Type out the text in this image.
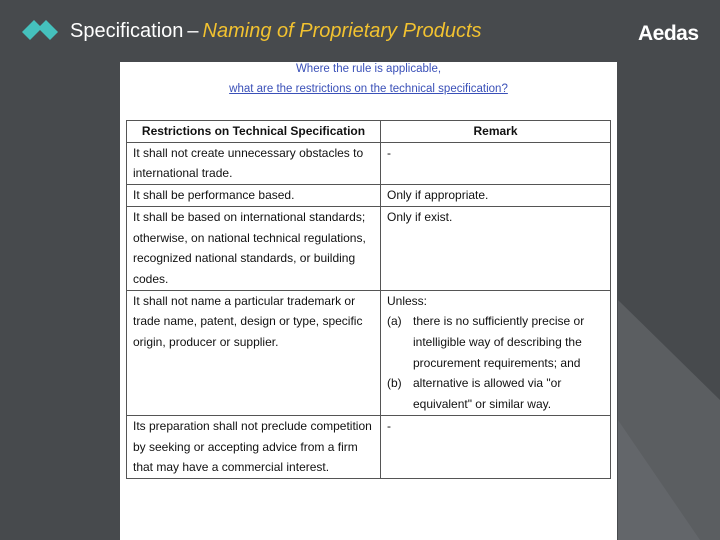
Specification – Naming of Proprietary Products	Aedas
Where the rule is applicable,
what are the restrictions on the technical specification?
Restrictions on Technical Specification	Remark
It shall not create unnecessary obstacles to international trade.	-
It shall be performance based.	Only if appropriate.
It shall be based on international standards; otherwise, on national technical regulations, recognized national standards, or building codes.	Only if exist.
It shall not name a particular trademark or trade name, patent, design or type, specific origin, producer or supplier.	Unless:
(a) there is no sufficiently precise or intelligible way of describing the procurement requirements; and
(b) alternative is allowed via "or equivalent" or similar way.

Its preparation shall not preclude competition by seeking or accepting advice from a firm that may have a commercial interest.	-
